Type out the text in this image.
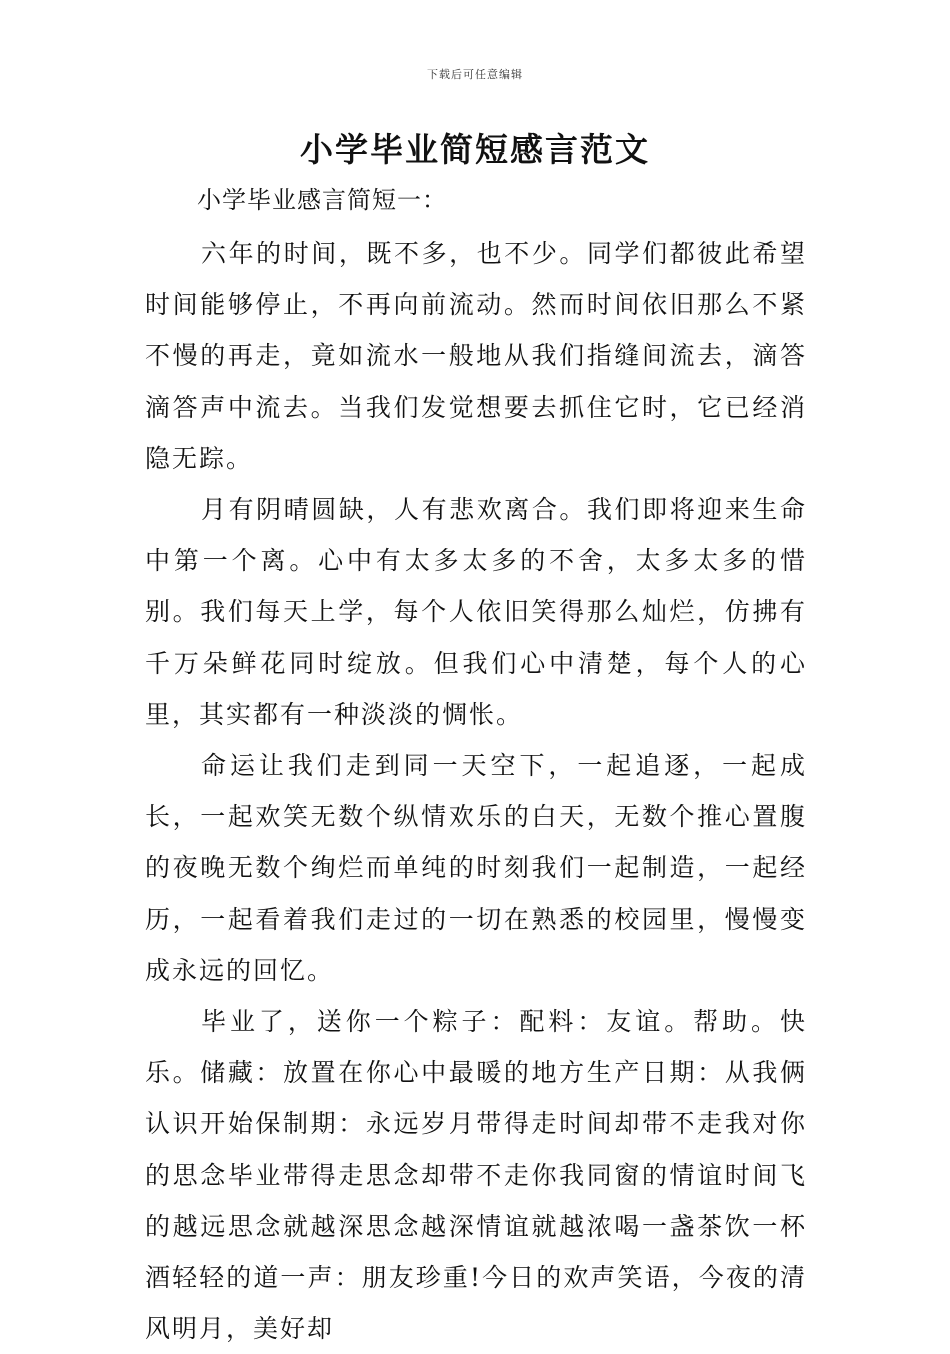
下载后可任意编辑
小学毕业简短感言范文

小学毕业感言简短一：

六年的时间，既不多，也不少。同学们都彼此希望时间能够停止，不再向前流动。然而时间依旧那么不紧不慢的再走，竟如流水一般地从我们指缝间流去，滴答滴答声中流去。当我们发觉想要去抓住它时，它已经消隐无踪。

月有阴晴圆缺，人有悲欢离合。我们即将迎来生命中第一个离。心中有太多太多的不舍，太多太多的惜别。我们每天上学，每个人依旧笑得那么灿烂，仿拂有千万朵鲜花同时绽放。但我们心中清楚，每个人的心里，其实都有一种淡淡的惆怅。

命运让我们走到同一天空下，一起追逐，一起成长，一起欢笑无数个纵情欢乐的白天，无数个推心置腹的夜晚无数个绚烂而单纯的时刻我们一起制造，一起经历，一起看着我们走过的一切在熟悉的校园里，慢慢变成永远的回忆。

毕业了，送你一个粽子：配料：友谊。帮助。快乐。储藏：放置在你心中最暖的地方生产日期：从我俩认识开始保制期：永远岁月带得走时间却带不走我对你的思念毕业带得走思念却带不走你我同窗的情谊时间飞的越远思念就越深思念越深情谊就越浓喝一盏茶饮一杯酒轻轻的道一声：朋友珍重!今日的欢声笑语，今夜的清风明月，美好却
